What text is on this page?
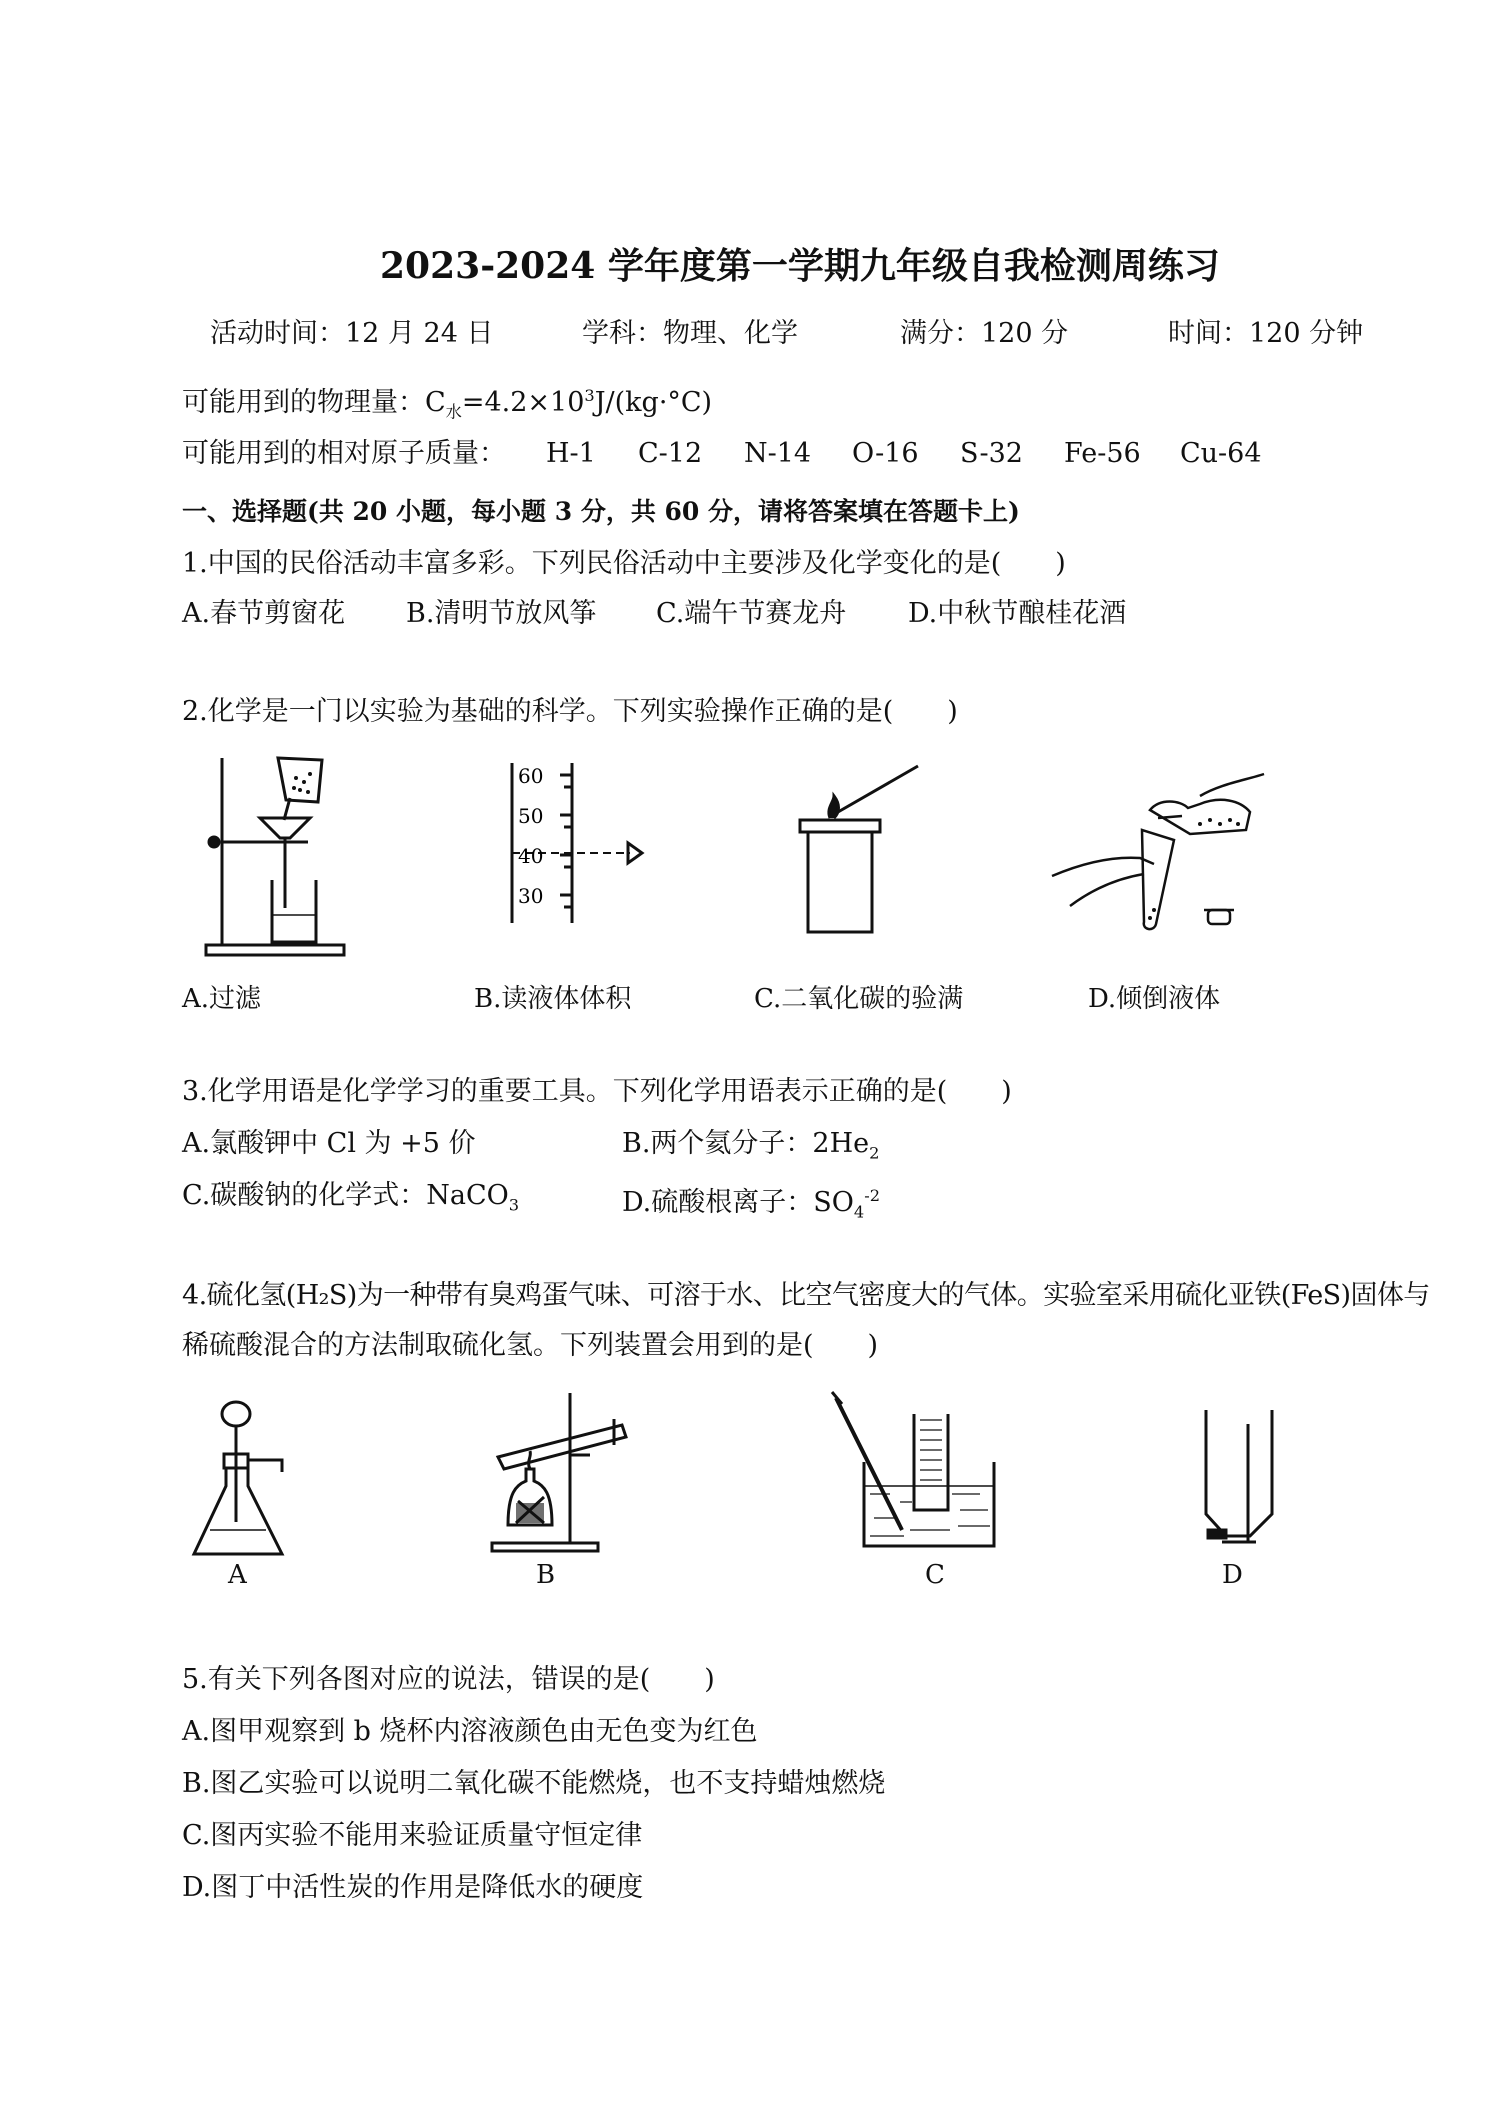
2023-2024 学年度第一学期九年级自我检测周练习
活动时间：12 月 24 日	学科：物理、化学	满分：120 分	时间：120 分钟
可能用到的物理量：$C_水=4.2\times 10^3J/(kg\cdot^\circ C)$
可能用到的相对原子质量： H-1 C-12 N-14 O-16 S-32 Fe-56 Cu-64
一、选择题(共 20 小题，每小题 3 分，共 60 分，请将答案填在答题卡上)
1.中国的民俗活动丰富多彩。下列民俗活动中主要涉及化学变化的是(　　)
A.春节剪窗花 B.清明节放风筝 C.端午节赛龙舟 D.中秋节酿桂花酒
2.化学是一门以实验为基础的科学。下列实验操作正确的是(　　)
60
50
40
30
A.过滤	B.读液体体积	C.二氧化碳的验满	D.倾倒液体
3.化学用语是化学学习的重要工具。下列化学用语表示正确的是(　　)
A.氯酸钾中 Cl 为 +5 价	B.两个氦分子：$2He_2$
C.碳酸钠的化学式：NaCO$_3$	D.硫酸根离子：$SO_4^{-2}$
4.硫化氢(H₂S)为一种带有臭鸡蛋气味、可溶于水、比空气密度大的气体。实验室采用硫化亚铁(FeS)固体与
稀硫酸混合的方法制取硫化氢。下列装置会用到的是(　　)
A	B	C	D
5.有关下列各图对应的说法，错误的是(　　)
A.图甲观察到 b 烧杯内溶液颜色由无色变为红色
B.图乙实验可以说明二氧化碳不能燃烧，也不支持蜡烛燃烧
C.图丙实验不能用来验证质量守恒定律
D.图丁中活性炭的作用是降低水的硬度
